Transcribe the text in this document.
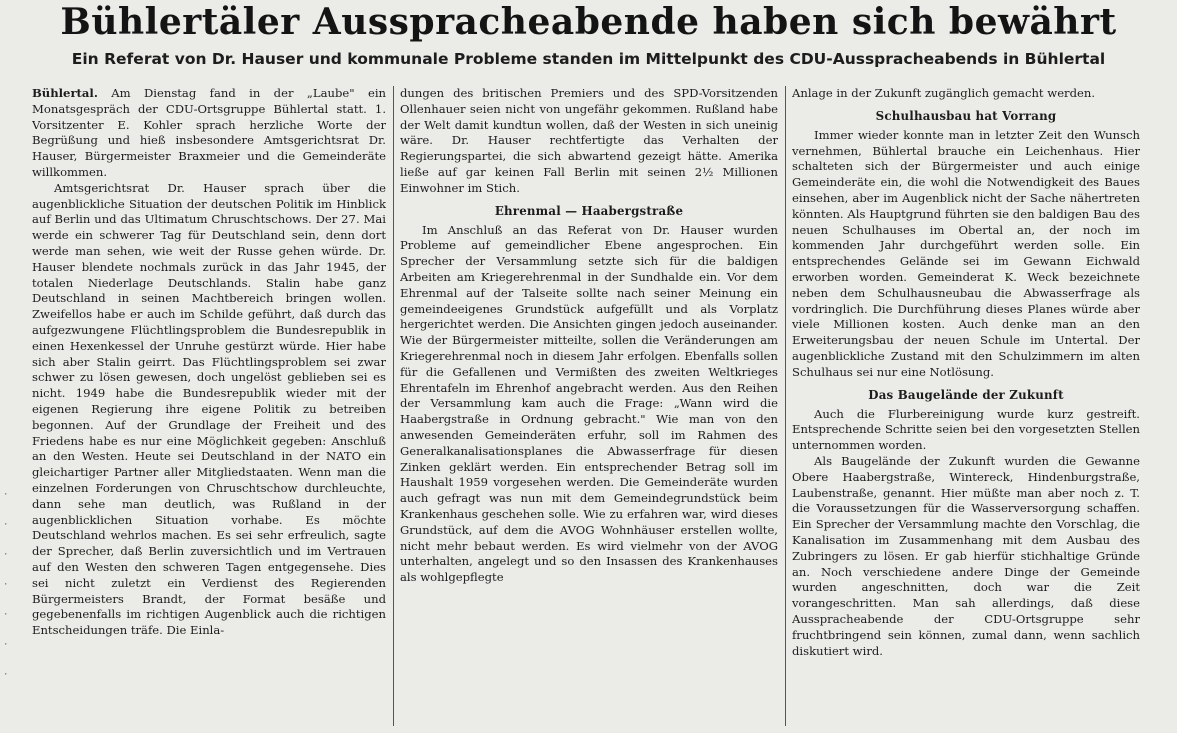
Bühlertäler Ausspracheabende haben sich bewährt
Ein Referat von Dr. Hauser und kommunale Probleme standen im Mittelpunkt des CDU-Ausspracheabends in Bühlertal

Bühlertal. Am Dienstag fand in der „Laube" ein Monatsgespräch der CDU-Ortsgruppe Bühlertal statt. 1. Vorsitzenter E. Kohler sprach herzliche Worte der Begrüßung und hieß insbesondere Amtsgerichtsrat Dr. Hauser, Bürgermeister Braxmeier und die Gemeinderäte willkommen.

Amtsgerichtsrat Dr. Hauser sprach über die augenblickliche Situation der deutschen Politik im Hinblick auf Berlin und das Ultimatum Chruschtschows. Der 27. Mai werde ein schwerer Tag für Deutschland sein, denn dort werde man sehen, wie weit der Russe gehen würde. Dr. Hauser blendete nochmals zurück in das Jahr 1945, der totalen Niederlage Deutschlands. Stalin habe ganz Deutschland in seinen Machtbereich bringen wollen. Zweifellos habe er auch im Schilde geführt, daß durch das aufgezwungene Flüchtlingsproblem die Bundesrepublik in einen Hexenkessel der Unruhe gestürzt würde. Hier habe sich aber Stalin geirrt. Das Flüchtlingsproblem sei zwar schwer zu lösen gewesen, doch ungelöst geblieben sei es nicht. 1949 habe die Bundesrepublik wieder mit der eigenen Regierung ihre eigene Politik zu betreiben begonnen. Auf der Grundlage der Freiheit und des Friedens habe es nur eine Möglichkeit gegeben: Anschluß an den Westen. Heute sei Deutschland in der NATO ein gleichartiger Partner aller Mitgliedstaaten. Wenn man die einzelnen Forderungen von Chruschtschow durchleuchte, dann sehe man deutlich, was Rußland in der augenblicklichen Situation vorhabe. Es möchte Deutschland wehrlos machen. Es sei sehr erfreulich, sagte der Sprecher, daß Berlin zuversichtlich und im Vertrauen auf den Westen den schweren Tagen entgegensehe. Dies sei nicht zuletzt ein Verdienst des Regierenden Bürgermeisters Brandt, der Format besäße und gegebenenfalls im richtigen Augenblick auch die richtigen Entscheidungen träfe. Die Einla-

dungen des britischen Premiers und des SPD-Vorsitzenden Ollenhauer seien nicht von ungefähr gekommen. Rußland habe der Welt damit kundtun wollen, daß der Westen in sich uneinig wäre. Dr. Hauser rechtfertigte das Verhalten der Regierungspartei, die sich abwartend gezeigt hätte. Amerika ließe auf gar keinen Fall Berlin mit seinen 2½ Millionen Einwohner im Stich.

Ehrenmal — Haabergstraße

Im Anschluß an das Referat von Dr. Hauser wurden Probleme auf gemeindlicher Ebene angesprochen. Ein Sprecher der Versammlung setzte sich für die baldigen Arbeiten am Kriegerehrenmal in der Sundhalde ein. Vor dem Ehrenmal auf der Talseite sollte nach seiner Meinung ein gemeindeeigenes Grundstück aufgefüllt und als Vorplatz hergerichtet werden. Die Ansichten gingen jedoch auseinander. Wie der Bürgermeister mitteilte, sollen die Veränderungen am Kriegerehrenmal noch in diesem Jahr erfolgen. Ebenfalls sollen für die Gefallenen und Vermißten des zweiten Weltkrieges Ehrentafeln im Ehrenhof angebracht werden. Aus den Reihen der Versammlung kam auch die Frage: „Wann wird die Haabergstraße in Ordnung gebracht." Wie man von den anwesenden Gemeinderäten erfuhr, soll im Rahmen des Generalkanalisationsplanes die Abwasserfrage für diesen Zinken geklärt werden. Ein entsprechender Betrag soll im Haushalt 1959 vorgesehen werden. Die Gemeinderäte wurden auch gefragt was nun mit dem Gemeindegrundstück beim Krankenhaus geschehen solle. Wie zu erfahren war, wird dieses Grundstück, auf dem die AVOG Wohnhäuser erstellen wollte, nicht mehr bebaut werden. Es wird vielmehr von der AVOG unterhalten, angelegt und so den Insassen des Krankenhauses als wohlgepflegte

Anlage in der Zukunft zugänglich gemacht werden.

Schulhausbau hat Vorrang

Immer wieder konnte man in letzter Zeit den Wunsch vernehmen, Bühlertal brauche ein Leichenhaus. Hier schalteten sich der Bürgermeister und auch einige Gemeinderäte ein, die wohl die Notwendigkeit des Baues einsehen, aber im Augenblick nicht der Sache nähertreten könnten. Als Hauptgrund führten sie den baldigen Bau des neuen Schulhauses im Obertal an, der noch im kommenden Jahr durchgeführt werden solle. Ein entsprechendes Gelände sei im Gewann Eichwald erworben worden. Gemeinderat K. Weck bezeichnete neben dem Schulhausneubau die Abwasserfrage als vordringlich. Die Durchführung dieses Planes würde aber viele Millionen kosten. Auch denke man an den Erweiterungsbau der neuen Schule im Untertal. Der augenblickliche Zustand mit den Schulzimmern im alten Schulhaus sei nur eine Notlösung.

Das Baugelände der Zukunft

Auch die Flurbereinigung wurde kurz gestreift. Entsprechende Schritte seien bei den vorgesetzten Stellen unternommen worden.

Als Baugelände der Zukunft wurden die Gewanne Obere Haabergstraße, Wintereck, Hindenburgstraße, Laubenstraße, genannt. Hier müßte man aber noch z. T. die Voraussetzungen für die Wasserversorgung schaffen. Ein Sprecher der Versammlung machte den Vorschlag, die Kanalisation im Zusammenhang mit dem Ausbau des Zubringers zu lösen. Er gab hierfür stichhaltige Gründe an. Noch verschiedene andere Dinge der Gemeinde wurden angeschnitten, doch war die Zeit vorangeschritten. Man sah allerdings, daß diese Ausspracheabende der CDU-Ortsgruppe sehr fruchtbringend sein können, zumal dann, wenn sachlich diskutiert wird.

·
·
·
·
·
·
·
